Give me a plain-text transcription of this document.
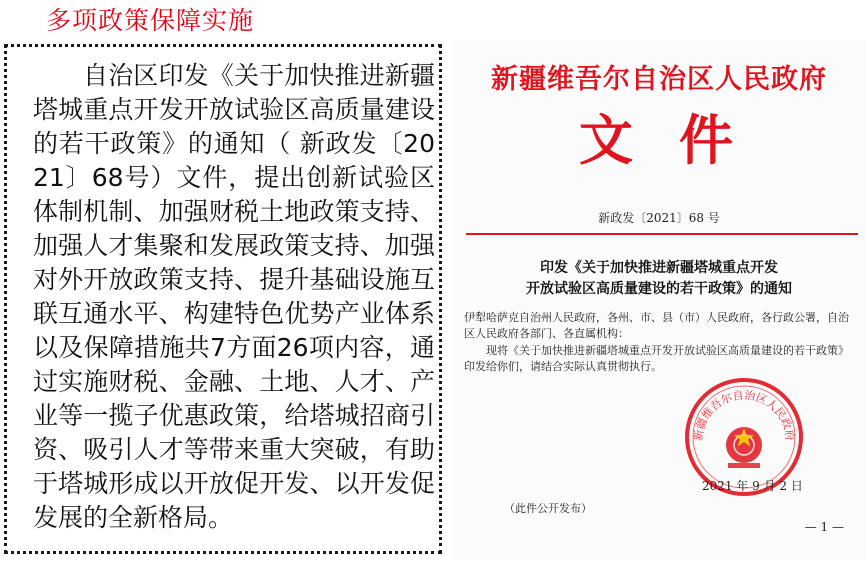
多项政策保障实施

自治区印发《关于加快推进新疆塔城重点开发开放试验区高质量建设的若干政策》的通知（ 新政发〔2021〕68号）文件，提出创新试验区体制机制、加强财税土地政策支持、加强人才集聚和发展政策支持、加强对外开放政策支持、提升基础设施互联互通水平、构建特色优势产业体系以及保障措施共7方面26项内容，通过实施财税、金融、土地、人才、产业等一揽子优惠政策，给塔城招商引资、吸引人才等带来重大突破，有助于塔城形成以开放促开发、以开发促发展的全新格局。

新疆维吾尔自治区人民政府
文件
新政发〔2021〕68 号
印发《关于加快推进新疆塔城重点开发
开放试验区高质量建设的若干政策》的通知
伊犁哈萨克自治州人民政府，各州、市、县（市）人民政府，各行政公署，自治区人民政府各部门、各直属机构：
现将《关于加快推进新疆塔城重点开发开放试验区高质量建设的若干政策》印发给你们，请结合实际认真贯彻执行。
新疆维吾尔自治区人民政府
2021 年 9 月 2 日
（此件公开发布）
— 1 —
